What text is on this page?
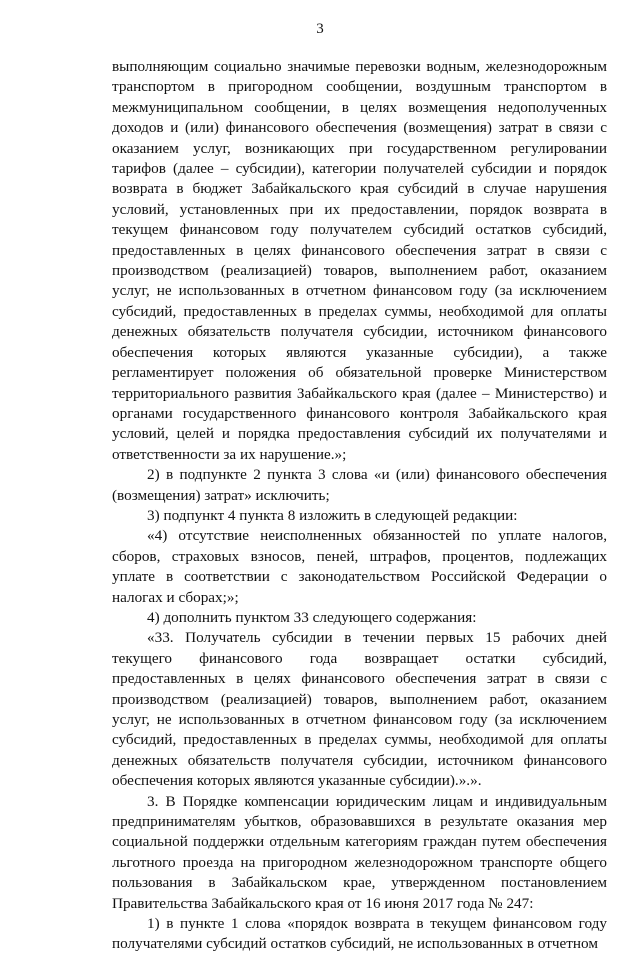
3

выполняющим социально значимые перевозки водным, железнодорожным транспортом в пригородном сообщении, воздушным транспортом в межмуниципальном сообщении, в целях возмещения недополученных доходов и (или) финансового обеспечения (возмещения) затрат в связи с оказанием услуг, возникающих при государственном регулировании тарифов (далее – субсидии), категории получателей субсидии и порядок возврата в бюджет Забайкальского края субсидий в случае нарушения условий, установленных при их предоставлении, порядок возврата в текущем финансовом году получателем субсидий остатков субсидий, предоставленных в целях финансового обеспечения затрат в связи с производством (реализацией) товаров, выполнением работ, оказанием услуг, не использованных в отчетном финансовом году (за исключением субсидий, предоставленных в пределах суммы, необходимой для оплаты денежных обязательств получателя субсидии, источником финансового обеспечения которых являются указанные субсидии), а также регламентирует положения об обязательной проверке Министерством территориального развития Забайкальского края (далее – Министерство) и органами государственного финансового контроля Забайкальского края условий, целей и порядка предоставления субсидий их получателями и ответственности за их нарушение.»;

2) в подпункте 2 пункта 3 слова «и (или) финансового обеспечения (возмещения) затрат» исключить;

3) подпункт 4 пункта 8 изложить в следующей редакции:

«4) отсутствие неисполненных обязанностей по уплате налогов, сборов, страховых взносов, пеней, штрафов, процентов, подлежащих уплате в соответствии с законодательством Российской Федерации о налогах и сборах;»;

4) дополнить пунктом 33 следующего содержания:

«33. Получатель субсидии в течении первых 15 рабочих дней текущего финансового года возвращает остатки субсидий, предоставленных в целях финансового обеспечения затрат в связи с производством (реализацией) товаров, выполнением работ, оказанием услуг, не использованных в отчетном финансовом году (за исключением субсидий, предоставленных в пределах суммы, необходимой для оплаты денежных обязательств получателя субсидии, источником финансового обеспечения которых являются указанные субсидии).».».

3. В Порядке компенсации юридическим лицам и индивидуальным предпринимателям убытков, образовавшихся в результате оказания мер социальной поддержки отдельным категориям граждан путем обеспечения льготного проезда на пригородном железнодорожном транспорте общего пользования в Забайкальском крае, утвержденном постановлением Правительства Забайкальского края от 16 июня 2017 года № 247:

1) в пункте 1 слова «порядок возврата в текущем финансовом году получателями субсидий остатков субсидий, не использованных в отчетном
